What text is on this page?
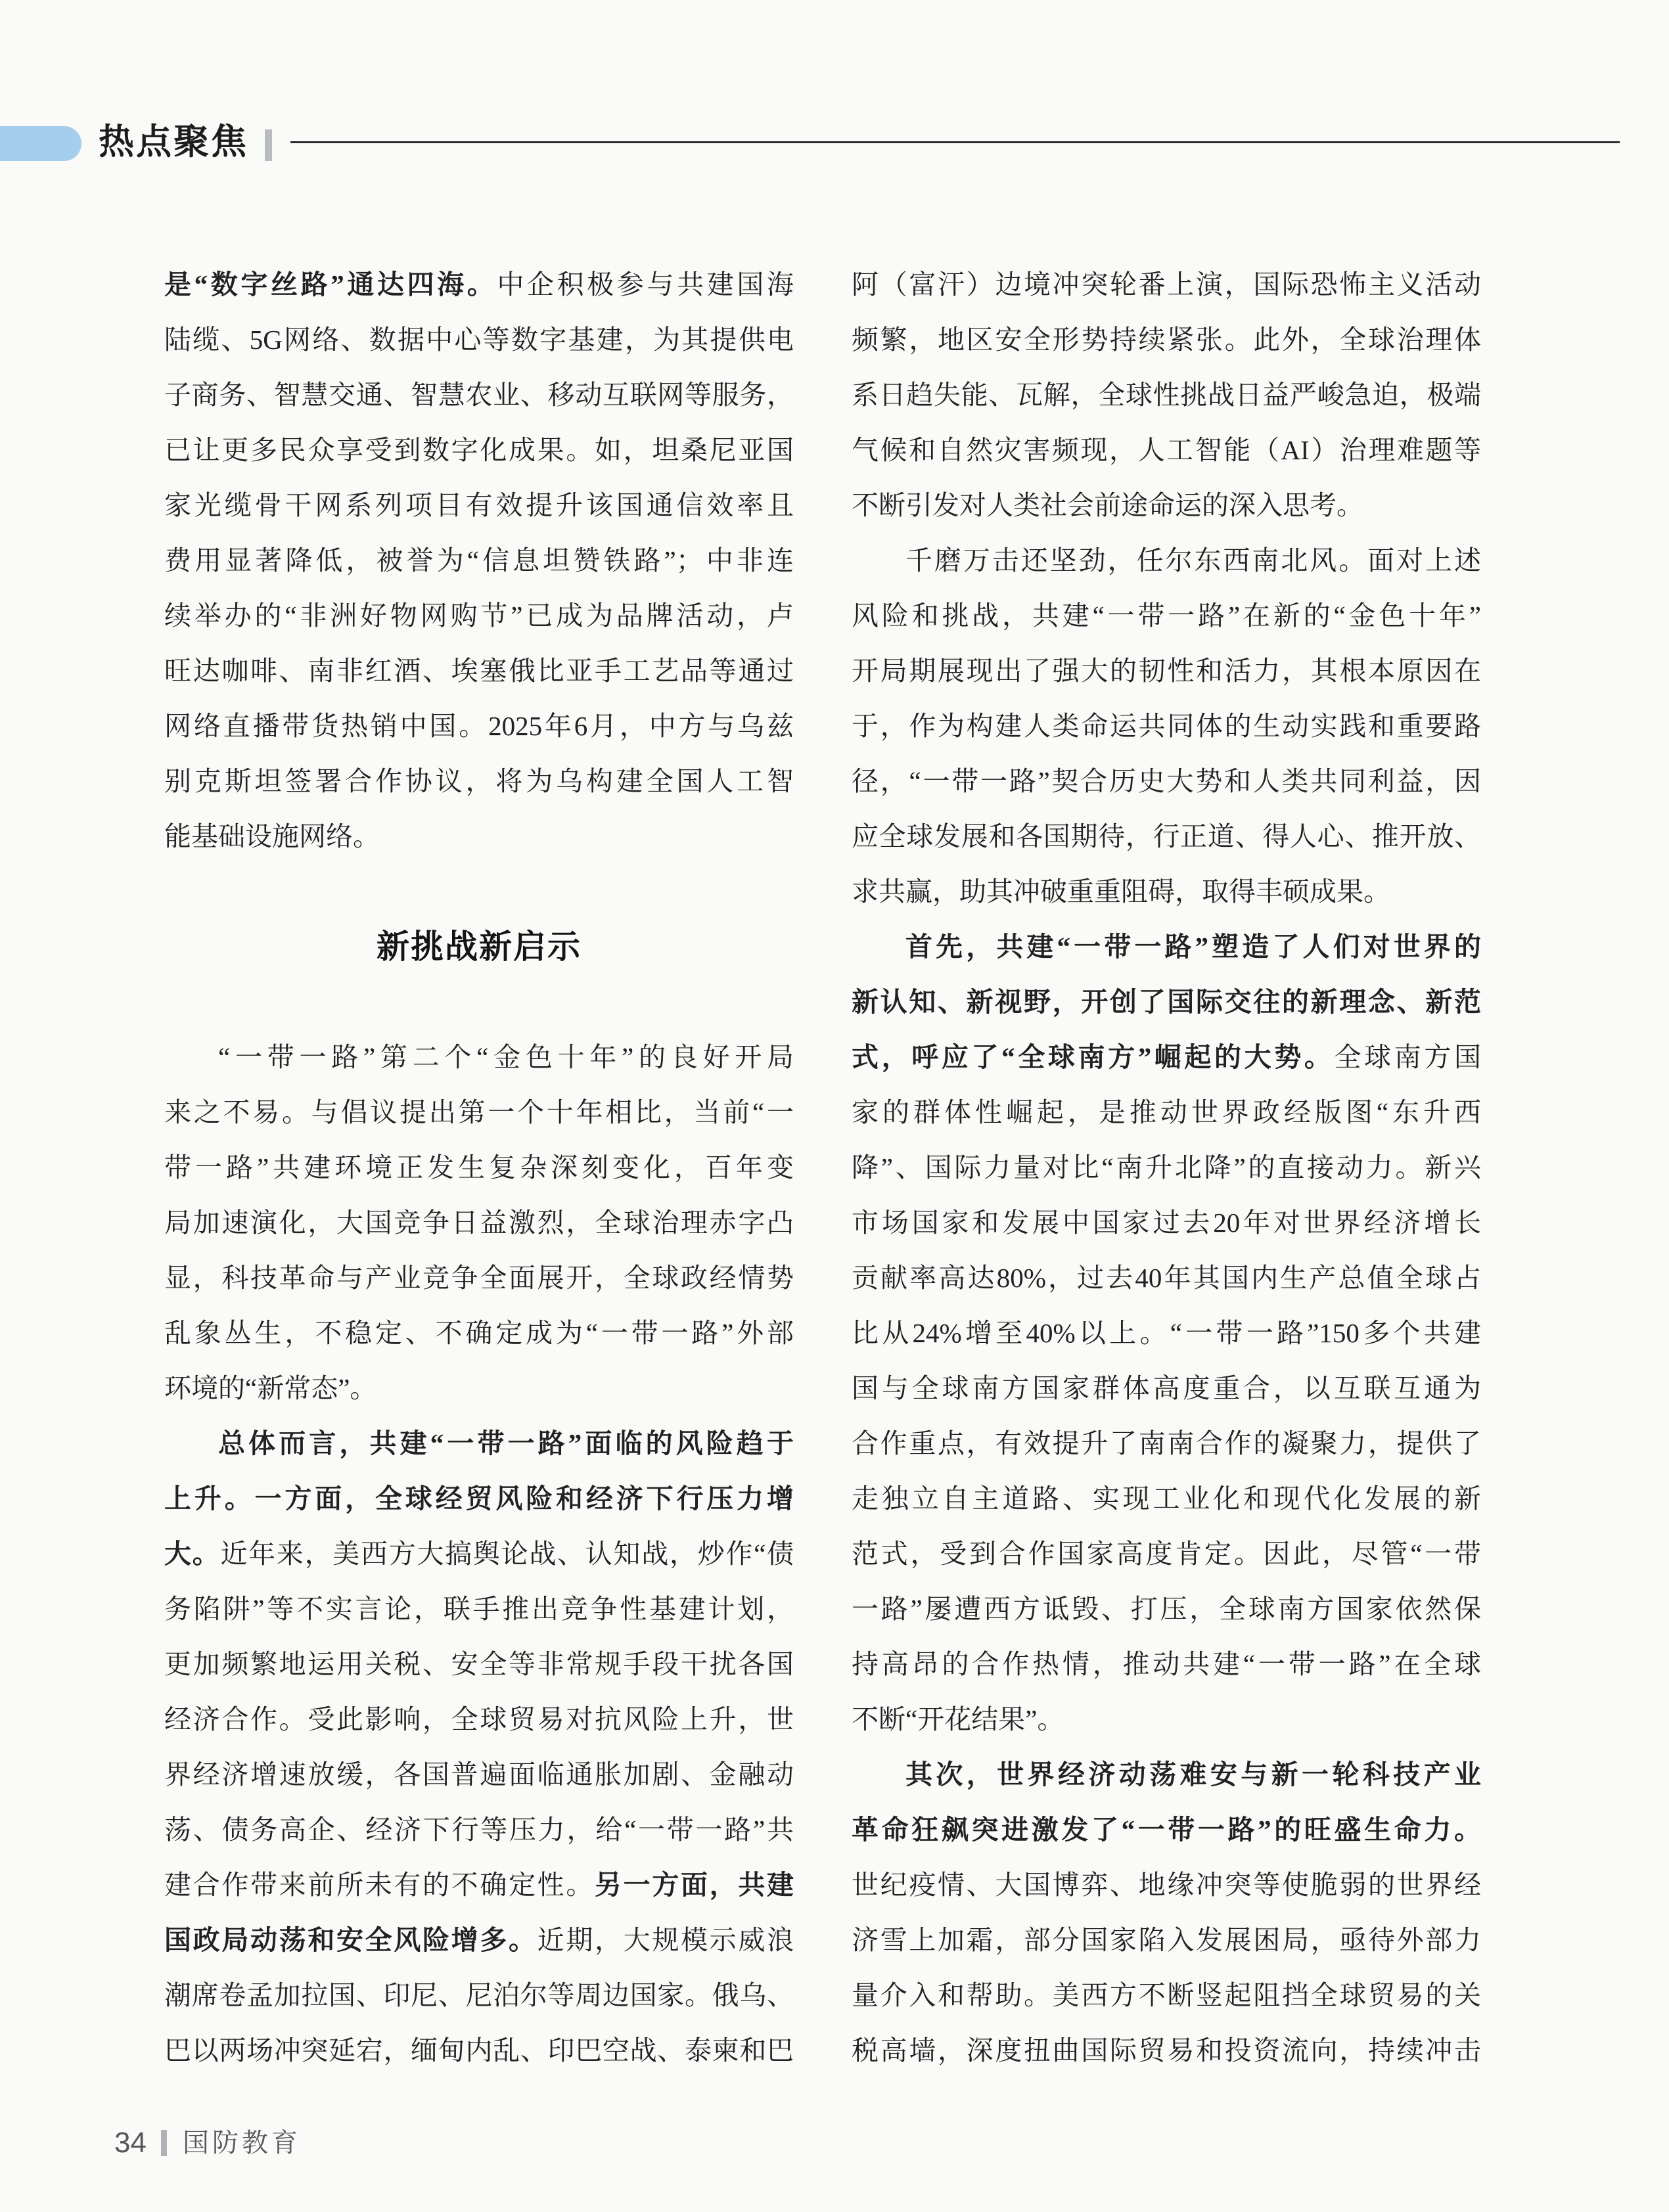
热点聚焦
是“数字丝路”通达四海。中企积极参与共建国海
陆缆、5G网络、数据中心等数字基建，为其提供电
子商务、智慧交通、智慧农业、移动互联网等服务，
已让更多民众享受到数字化成果。如，坦桑尼亚国
家光缆骨干网系列项目有效提升该国通信效率且
费用显著降低，被誉为“信息坦赞铁路”；中非连
续举办的“非洲好物网购节”已成为品牌活动，卢
旺达咖啡、南非红酒、埃塞俄比亚手工艺品等通过
网络直播带货热销中国。2025年6月，中方与乌兹
别克斯坦签署合作协议，将为乌构建全国人工智
能基础设施网络。
新挑战新启示
“一带一路”第二个“金色十年”的良好开局
来之不易。与倡议提出第一个十年相比，当前“一
带一路”共建环境正发生复杂深刻变化，百年变
局加速演化，大国竞争日益激烈，全球治理赤字凸
显，科技革命与产业竞争全面展开，全球政经情势
乱象丛生，不稳定、不确定成为“一带一路”外部
环境的“新常态”。
总体而言，共建“一带一路”面临的风险趋于
上升。一方面，全球经贸风险和经济下行压力增
大。近年来，美西方大搞舆论战、认知战，炒作“债
务陷阱”等不实言论，联手推出竞争性基建计划，
更加频繁地运用关税、安全等非常规手段干扰各国
经济合作。受此影响，全球贸易对抗风险上升，世
界经济增速放缓，各国普遍面临通胀加剧、金融动
荡、债务高企、经济下行等压力，给“一带一路”共
建合作带来前所未有的不确定性。另一方面，共建
国政局动荡和安全风险增多。近期，大规模示威浪
潮席卷孟加拉国、印尼、尼泊尔等周边国家。俄乌、
巴以两场冲突延宕，缅甸内乱、印巴空战、泰柬和巴
阿（富汗）边境冲突轮番上演，国际恐怖主义活动
频繁，地区安全形势持续紧张。此外，全球治理体
系日趋失能、瓦解，全球性挑战日益严峻急迫，极端
气候和自然灾害频现，人工智能（AI）治理难题等
不断引发对人类社会前途命运的深入思考。
千磨万击还坚劲，任尔东西南北风。面对上述
风险和挑战，共建“一带一路”在新的“金色十年”
开局期展现出了强大的韧性和活力，其根本原因在
于，作为构建人类命运共同体的生动实践和重要路
径，“一带一路”契合历史大势和人类共同利益，因
应全球发展和各国期待，行正道、得人心、推开放、
求共赢，助其冲破重重阻碍，取得丰硕成果。
首先，共建“一带一路”塑造了人们对世界的
新认知、新视野，开创了国际交往的新理念、新范
式，呼应了“全球南方”崛起的大势。全球南方国
家的群体性崛起，是推动世界政经版图“东升西
降”、国际力量对比“南升北降”的直接动力。新兴
市场国家和发展中国家过去20年对世界经济增长
贡献率高达80%，过去40年其国内生产总值全球占
比从24%增至40%以上。“一带一路”150多个共建
国与全球南方国家群体高度重合，以互联互通为
合作重点，有效提升了南南合作的凝聚力，提供了
走独立自主道路、实现工业化和现代化发展的新
范式，受到合作国家高度肯定。因此，尽管“一带
一路”屡遭西方诋毁、打压，全球南方国家依然保
持高昂的合作热情，推动共建“一带一路”在全球
不断“开花结果”。
其次，世界经济动荡难安与新一轮科技产业
革命狂飙突进激发了“一带一路”的旺盛生命力。
世纪疫情、大国博弈、地缘冲突等使脆弱的世界经
济雪上加霜，部分国家陷入发展困局，亟待外部力
量介入和帮助。美西方不断竖起阻挡全球贸易的关
税高墙，深度扭曲国际贸易和投资流向，持续冲击
34 国防教育
